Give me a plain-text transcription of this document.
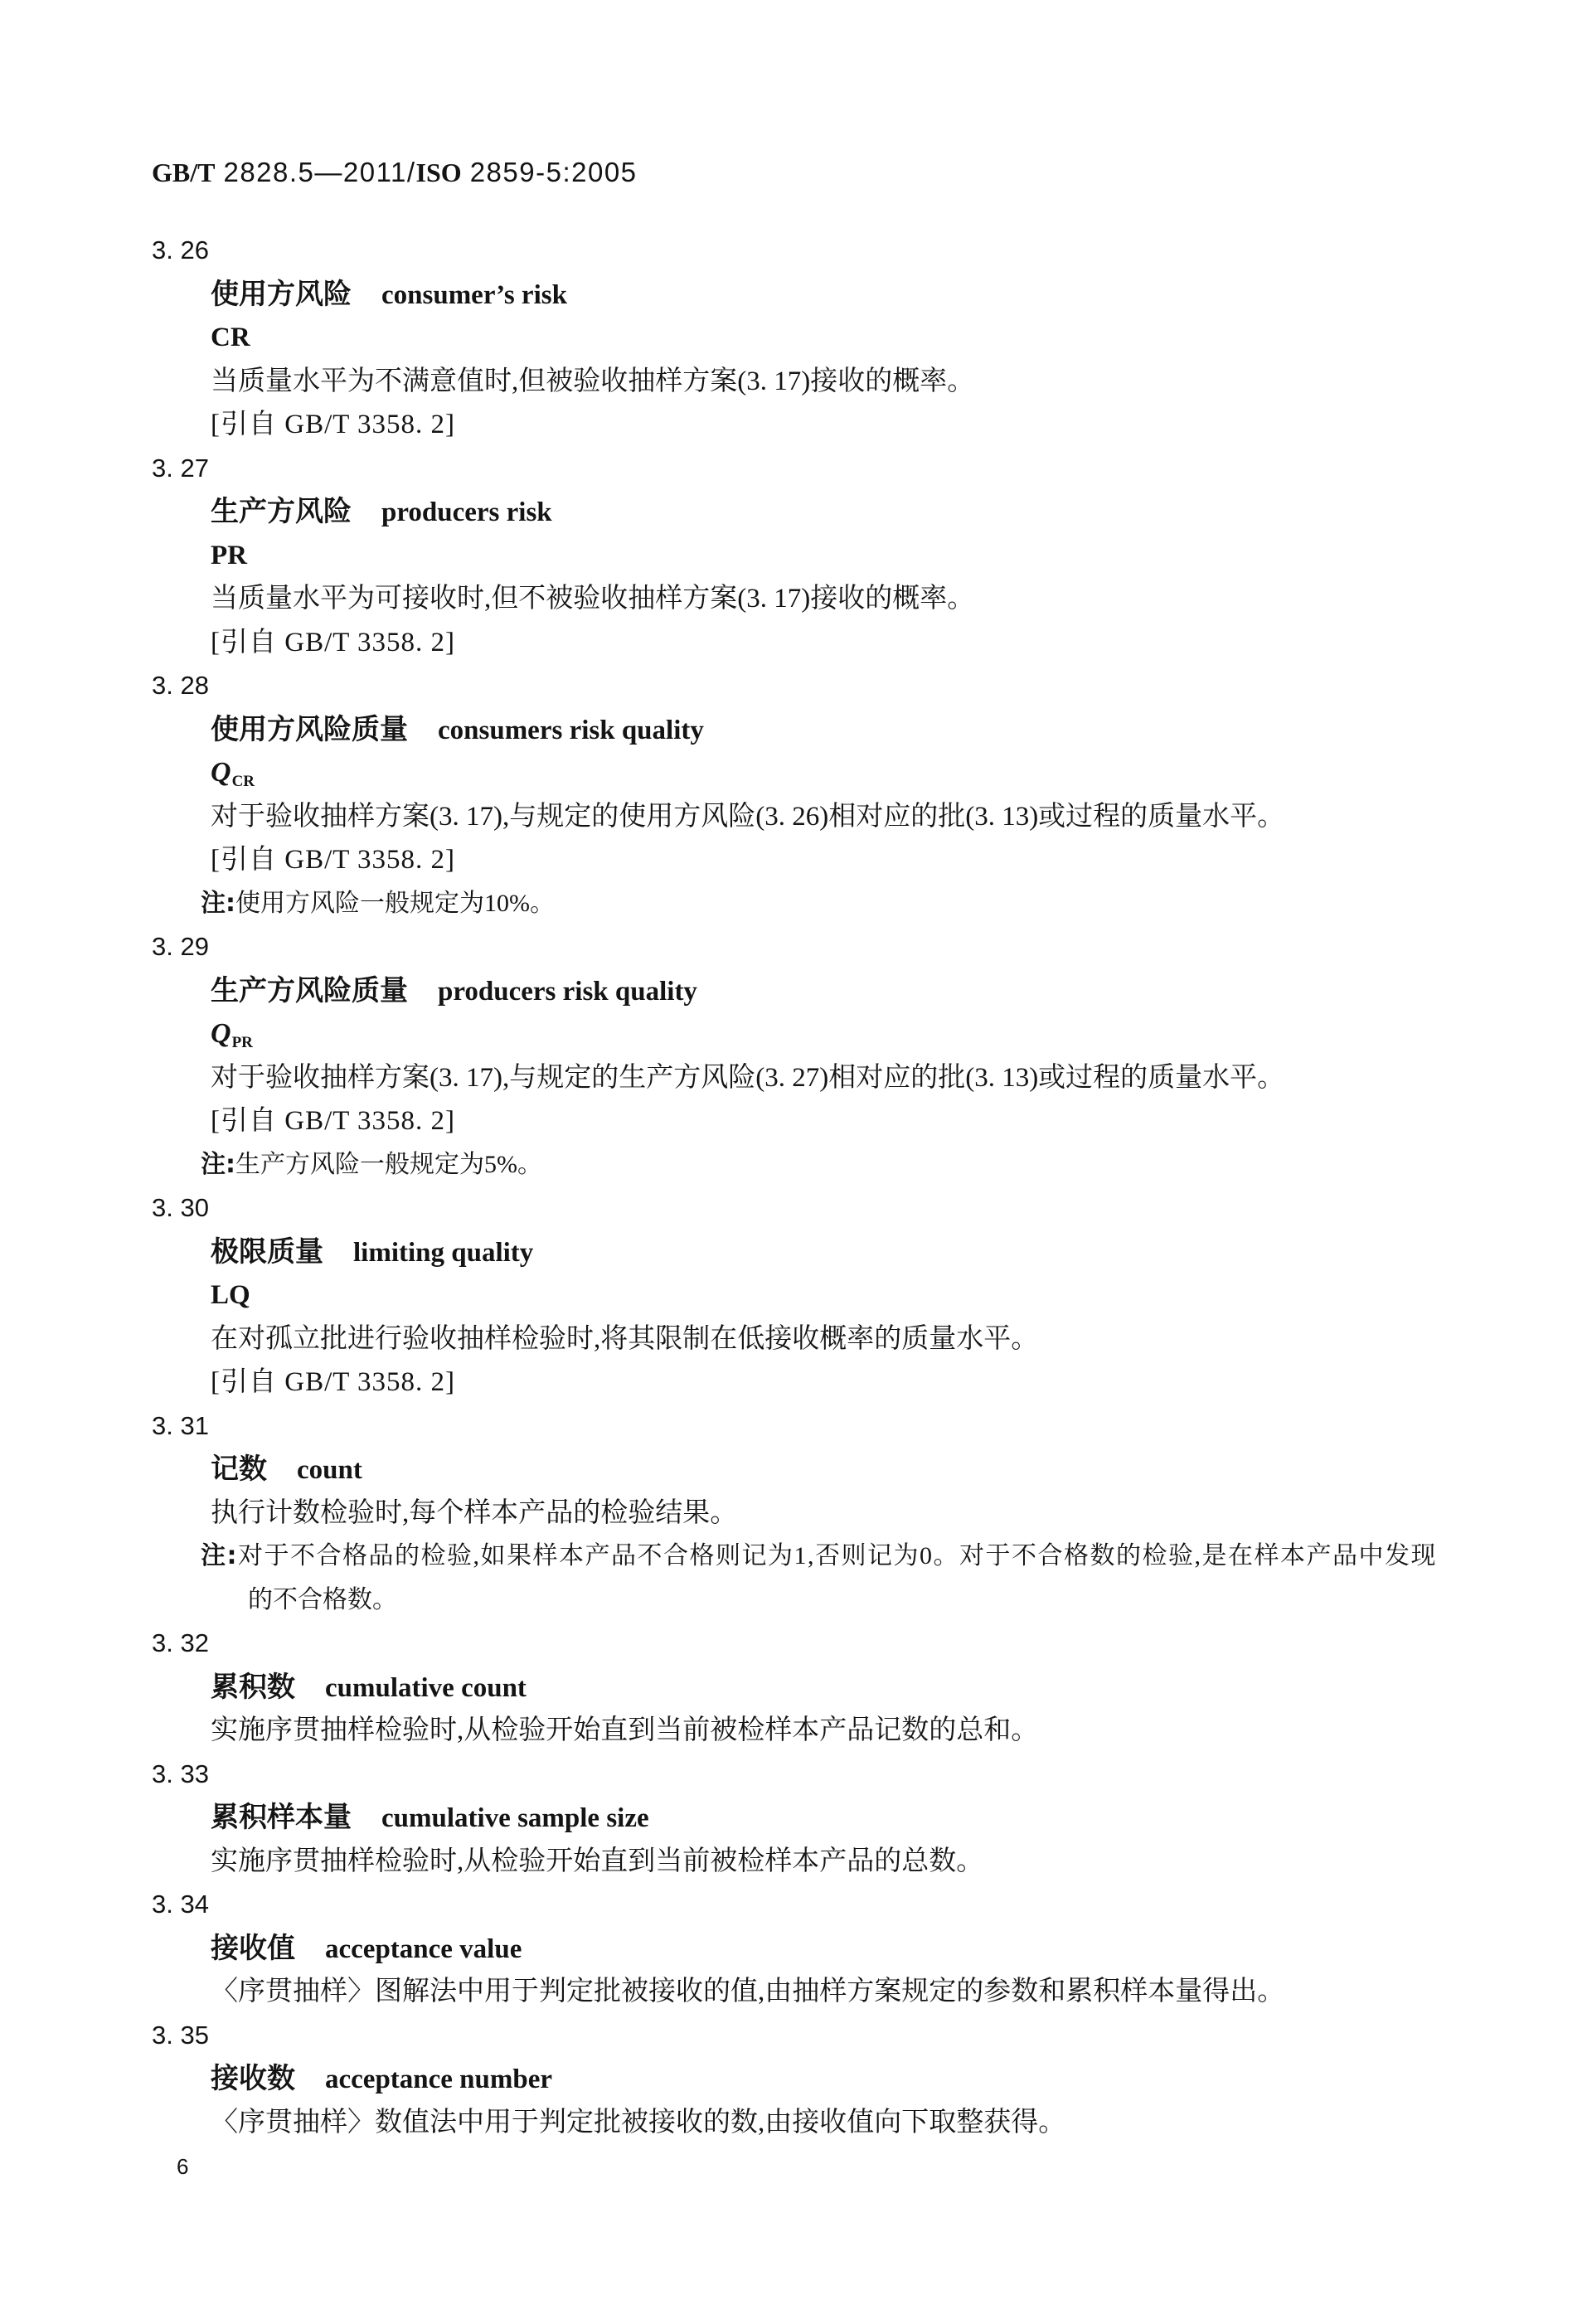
GB/T 2828.5—2011/ISO 2859-5:2005
3. 26
使用方风险 consumer’s risk
CR
当质量水平为不满意值时,但被验收抽样方案(3. 17)接收的概率。
[引自 GB/T 3358. 2]
3. 27
生产方风险 producers risk
PR
当质量水平为可接收时,但不被验收抽样方案(3. 17)接收的概率。
[引自 GB/T 3358. 2]
3. 28
使用方风险质量 consumers risk quality
$Q_{CR}$
对于验收抽样方案(3. 17),与规定的使用方风险(3. 26)相对应的批(3. 13)或过程的质量水平。
[引自 GB/T 3358. 2]
注:使用方风险一般规定为10%。
3. 29
生产方风险质量 producers risk quality
$Q_{PR}$
对于验收抽样方案(3. 17),与规定的生产方风险(3. 27)相对应的批(3. 13)或过程的质量水平。
[引自 GB/T 3358. 2]
注:生产方风险一般规定为5%。
3. 30
极限质量 limiting quality
LQ
在对孤立批进行验收抽样检验时,将其限制在低接收概率的质量水平。
[引自 GB/T 3358. 2]
3. 31
记数 count
执行计数检验时,每个样本产品的检验结果。
注:对于不合格品的检验,如果样本产品不合格则记为1,否则记为0。对于不合格数的检验,是在样本产品中发现
的不合格数。
3. 32
累积数 cumulative count
实施序贯抽样检验时,从检验开始直到当前被检样本产品记数的总和。
3. 33
累积样本量 cumulative sample size
实施序贯抽样检验时,从检验开始直到当前被检样本产品的总数。
3. 34
接收值 acceptance value
〈序贯抽样〉图解法中用于判定批被接收的值,由抽样方案规定的参数和累积样本量得出。
3. 35
接收数 acceptance number
〈序贯抽样〉数值法中用于判定批被接收的数,由接收值向下取整获得。
6
